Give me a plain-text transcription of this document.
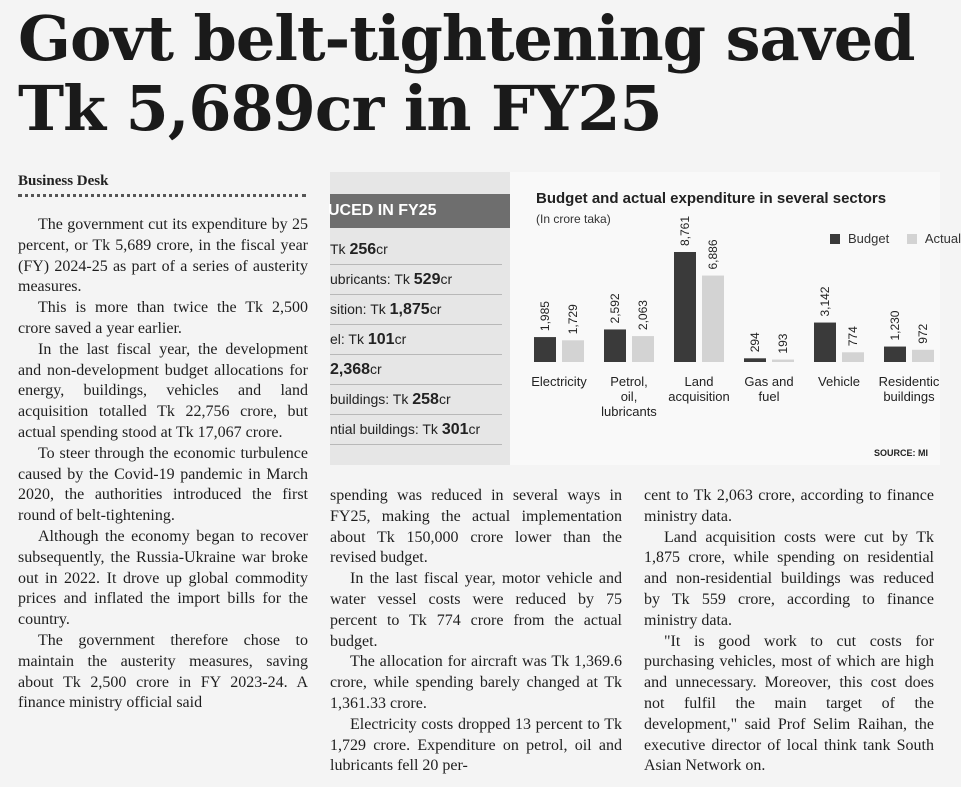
Govt belt-tightening saved
Tk 5,689cr in FY25
Business Desk

The government cut its expenditure by 25 percent, or Tk 5,689 crore, in the fiscal year (FY) 2024-25 as part of a series of austerity measures.

This is more than twice the Tk 2,500 crore saved a year earlier.

In the last fiscal year, the development and non-development budget allocations for energy, buildings, vehicles and land acquisition totalled Tk 22,756 crore, but actual spending stood at Tk 17,067 crore.

To steer through the economic turbulence caused by the Covid-19 pandemic in March 2020, the authorities introduced the first round of belt-tightening.

Although the economy began to recover subsequently, the Russia-Ukraine war broke out in 2022. It drove up global commodity prices and inflated the import bills for the country.

The government therefore chose to maintain the austerity measures, saving about Tk 2,500 crore in FY 2023-24. A finance ministry official said

spending was reduced in several ways in FY25, making the actual implementation about Tk 150,000 crore lower than the revised budget.

In the last fiscal year, motor vehicle and water vessel costs were reduced by 75 percent to Tk 774 crore from the actual budget.

The allocation for aircraft was Tk 1,369.6 crore, while spending barely changed at Tk 1,361.33 crore.

Electricity costs dropped 13 percent to Tk 1,729 crore. Expenditure on petrol, oil and lubricants fell 20 per-

cent to Tk 2,063 crore, according to finance ministry data.

Land acquisition costs were cut by Tk 1,875 crore, while spending on residential and non-residential buildings was reduced by Tk 559 crore, according to finance ministry data.

"It is good work to cut costs for purchasing vehicles, most of which are high and unnecessary. Moreover, this cost does not fulfil the main target of the development," said Prof Selim Raihan, the executive director of local think tank South Asian Network on.

UCED IN FY25
Tk 256cr
ubricants: Tk 529cr
sition: Tk 1,875cr
el: Tk 101cr
2,368cr
buildings: Tk 258cr
ntial buildings: Tk 301cr
Budget and actual expenditure in several sectors
(In crore taka)
Budget	Actual
1,985 1,729
Electricity
2,592 2,063
Petrol,
oil,
lubricants
8,761
6,886
Land
acquisition
294 193
Gas and
fuel
3,142
774
Vehicle
1,230 972
Residentic
buildings
SOURCE: MI
